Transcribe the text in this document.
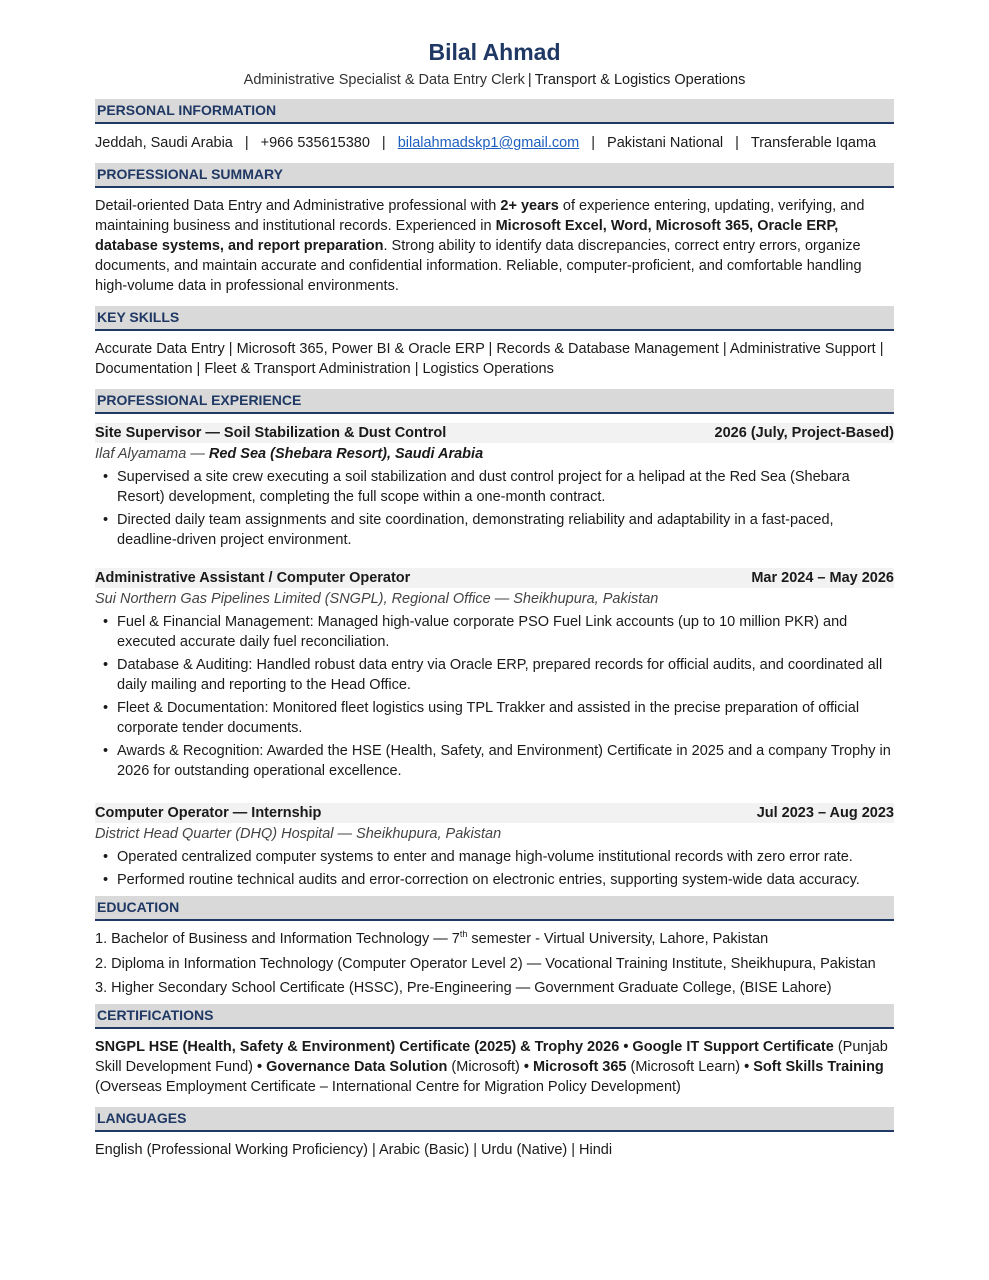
Bilal Ahmad
Administrative Specialist & Data Entry Clerk | Transport & Logistics Operations
PERSONAL INFORMATION
Jeddah, Saudi Arabia | +966 535615380 | bilalahmadskp1@gmail.com | Pakistani National | Transferable Iqama
PROFESSIONAL SUMMARY
Detail-oriented Data Entry and Administrative professional with 2+ years of experience entering, updating, verifying, and maintaining business and institutional records. Experienced in Microsoft Excel, Word, Microsoft 365, Oracle ERP, database systems, and report preparation. Strong ability to identify data discrepancies, correct entry errors, organize documents, and maintain accurate and confidential information. Reliable, computer-proficient, and comfortable handling high-volume data in professional environments.
KEY SKILLS
Accurate Data Entry | Microsoft 365, Power BI & Oracle ERP | Records & Database Management | Administrative Support | Documentation | Fleet & Transport Administration | Logistics Operations
PROFESSIONAL EXPERIENCE
Site Supervisor — Soil Stabilization & Dust Control	2026 (July, Project-Based)
Ilaf Alyamama — Red Sea (Shebara Resort), Saudi Arabia
• Supervised a site crew executing a soil stabilization and dust control project for a helipad at the Red Sea (Shebara Resort) development, completing the full scope within a one-month contract.
• Directed daily team assignments and site coordination, demonstrating reliability and adaptability in a fast-paced, deadline-driven project environment.
Administrative Assistant / Computer Operator	Mar 2024 – May 2026
Sui Northern Gas Pipelines Limited (SNGPL), Regional Office — Sheikhupura, Pakistan
• Fuel & Financial Management: Managed high-value corporate PSO Fuel Link accounts (up to 10 million PKR) and executed accurate daily fuel reconciliation.
• Database & Auditing: Handled robust data entry via Oracle ERP, prepared records for official audits, and coordinated all daily mailing and reporting to the Head Office.
• Fleet & Documentation: Monitored fleet logistics using TPL Trakker and assisted in the precise preparation of official corporate tender documents.
• Awards & Recognition: Awarded the HSE (Health, Safety, and Environment) Certificate in 2025 and a company Trophy in 2026 for outstanding operational excellence.
Computer Operator — Internship	Jul 2023 – Aug 2023
District Head Quarter (DHQ) Hospital — Sheikhupura, Pakistan
• Operated centralized computer systems to enter and manage high-volume institutional records with zero error rate.
• Performed routine technical audits and error-correction on electronic entries, supporting system-wide data accuracy.
EDUCATION
1. Bachelor of Business and Information Technology — 7th semester - Virtual University, Lahore, Pakistan
2. Diploma in Information Technology (Computer Operator Level 2) — Vocational Training Institute, Sheikhupura, Pakistan
3. Higher Secondary School Certificate (HSSC), Pre-Engineering — Government Graduate College, (BISE Lahore)
CERTIFICATIONS
SNGPL HSE (Health, Safety & Environment) Certificate (2025) & Trophy 2026 • Google IT Support Certificate (Punjab Skill Development Fund) • Governance Data Solution (Microsoft) • Microsoft 365 (Microsoft Learn) • Soft Skills Training (Overseas Employment Certificate – International Centre for Migration Policy Development)
LANGUAGES
English (Professional Working Proficiency) | Arabic (Basic) | Urdu (Native) | Hindi
